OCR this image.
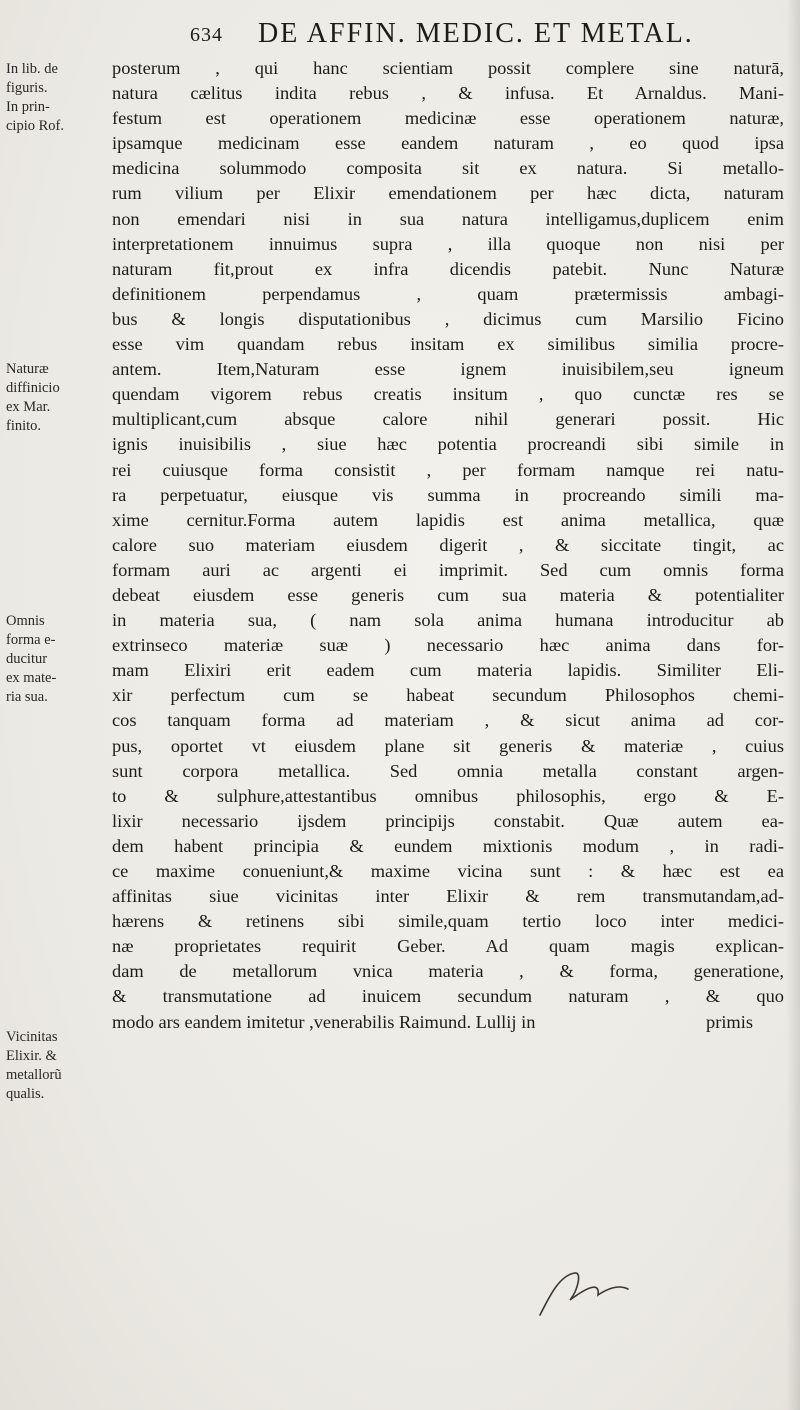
634 DE AFFIN. MEDIC. ET METAL.
In lib. de
figuris.
In prin-
cipio Rof.
Naturæ
diffinicio
ex Mar.
finito.
Omnis
forma e-
ducitur
ex mate-
ria sua.
Vicinitas
Elixir. &
metallorũ
qualis.
posterum , qui hanc scientiam possit complere sine naturā,
natura cælitus indita rebus , & infusa. Et Arnaldus. Mani-
festum est operationem medicinæ esse operationem naturæ,
ipsamque medicinam esse eandem naturam , eo quod ipsa
medicina solummodo composita sit ex natura. Si metallo-
rum vilium per Elixir emendationem per hæc dicta, naturam
non emendari nisi in sua natura intelligamus,duplicem enim
interpretationem innuimus supra , illa quoque non nisi per
naturam fit,prout ex infra dicendis patebit. Nunc Naturæ
definitionem perpendamus , quam prætermissis ambagi-
bus & longis disputationibus , dicimus cum Marsilio Ficino
esse vim quandam rebus insitam ex similibus similia procre-
antem. Item,Naturam esse ignem inuisibilem,seu igneum
quendam vigorem rebus creatis insitum , quo cunctæ res se
multiplicant,cum absque calore nihil generari possit. Hic
ignis inuisibilis , siue hæc potentia procreandi sibi simile in
rei cuiusque forma consistit , per formam namque rei natu-
ra perpetuatur, eiusque vis summa in procreando simili ma-
xime cernitur.Forma autem lapidis est anima metallica, quæ
calore suo materiam eiusdem digerit , & siccitate tingit, ac
formam auri ac argenti ei imprimit. Sed cum omnis forma
debeat eiusdem esse generis cum sua materia & potentialiter
in materia sua, ( nam sola anima humana introducitur ab
extrinseco materiæ suæ ) necessario hæc anima dans for-
mam Elixiri erit eadem cum materia lapidis. Similiter Eli-
xir perfectum cum se habeat secundum Philosophos chemi-
cos tanquam forma ad materiam , & sicut anima ad cor-
pus, oportet vt eiusdem plane sit generis & materiæ , cuius
sunt corpora metallica. Sed omnia metalla constant argen-
to & sulphure,attestantibus omnibus philosophis, ergo & E-
lixir necessario ijsdem principijs constabit. Quæ autem ea-
dem habent principia & eundem mixtionis modum , in radi-
ce maxime conueniunt,& maxime vicina sunt : & hæc est ea
affinitas siue vicinitas inter Elixir & rem transmutandam,ad-
hærens & retinens sibi simile,quam tertio loco inter medici-
næ proprietates requirit Geber. Ad quam magis explican-
dam de metallorum vnica materia , & forma, generatione,
& transmutatione ad inuicem secundum naturam , & quo
modo ars eandem imitetur ,venerabilis Raimund. Lullij in	primis
